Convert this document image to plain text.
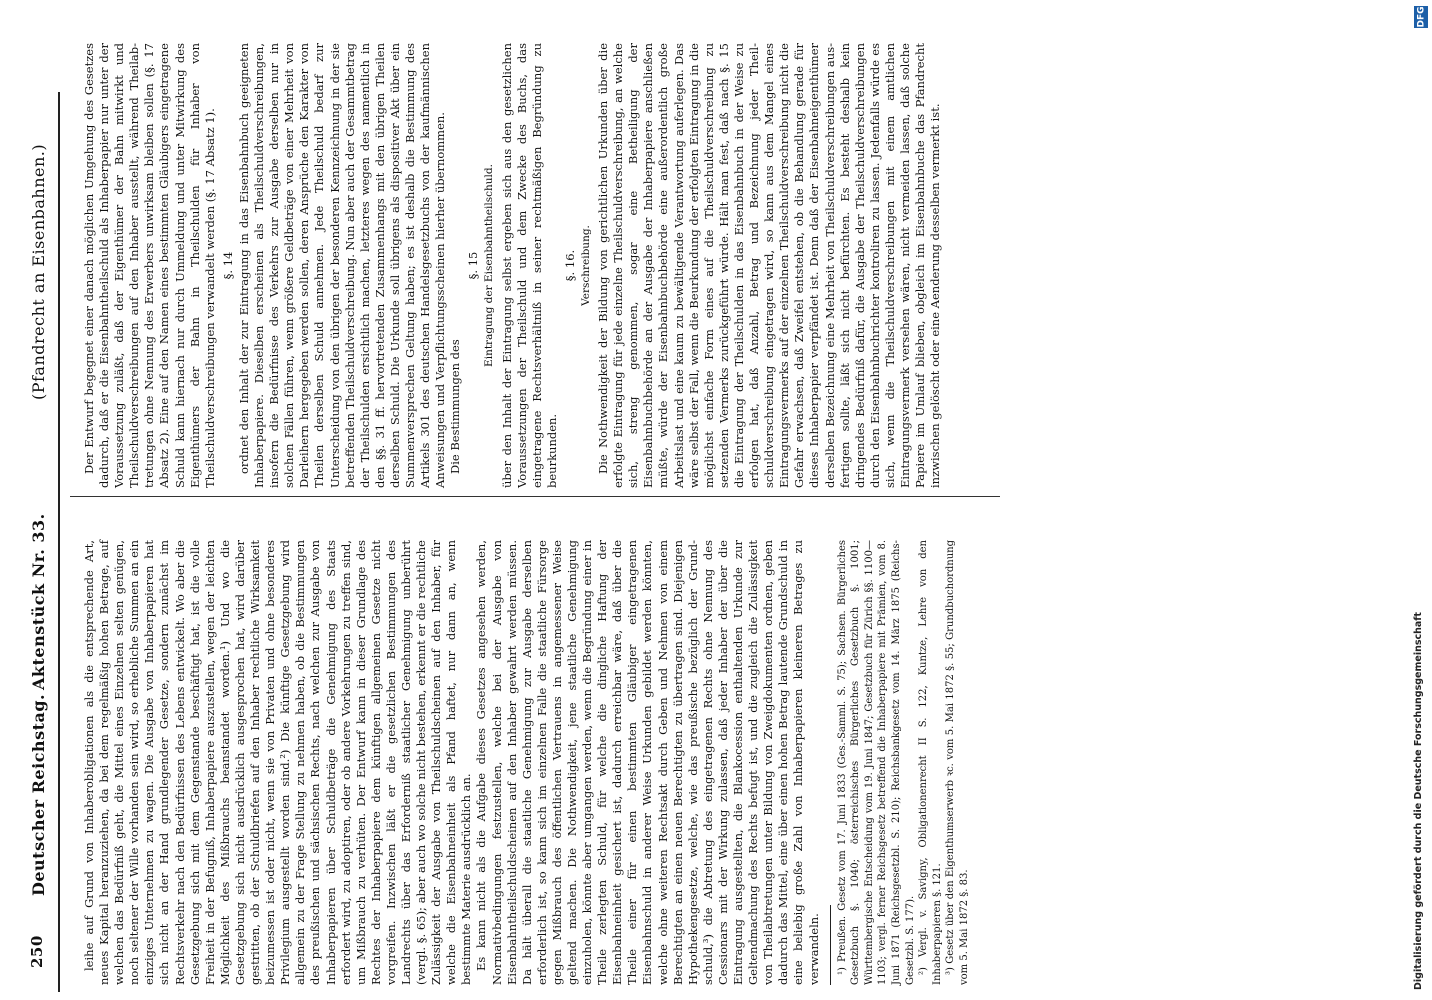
250
Deutscher Reichstag.
Aktenstück Nr. 33.
(Pfandrecht an Eisenbahnen.)

leihe auf Grund von Inhaberobligationen als die entsprechende Art, neues Kapital heranzuziehen, da bei dem regelmäßig hohen Betrage, auf welchen das Bedürfniß geht, die Mittel eines Einzelnen selten genügen, noch seltener der Wille vorhanden sein wird, so erhebliche Summen an ein einziges Unternehmen zu wagen. Die Ausgabe von Inhaberpapieren hat sich nicht an der Hand grundlegender Gesetze, sondern zunächst im Rechtsverkehr nach den Bedürfnissen des Lebens entwickelt. Wo aber die Gesetzgebung sich mit dem Gegenstande beschäftigt hat, ist die volle Freiheit in der Befugniß, Inhaberpapiere auszustellen, wegen der leichten Möglichkeit des Mißbrauchs beanstandet worden.¹) Und wo die Gesetzgebung sich nicht ausdrücklich ausgesprochen hat, wird darüber gestritten, ob der Schuldbriefen auf den Inhaber rechtliche Wirksamkeit beizumessen ist oder nicht, wenn sie von Privaten und ohne besonderes Privilegium ausgestellt worden sind.²) Die künftige Gesetzgebung wird allgemein zu der Frage Stellung zu nehmen haben, ob die Bestimmungen des preußischen und sächsischen Rechts, nach welchen zur Ausgabe von Inhaberpapieren über Schuldbeträge die Genehmigung des Staats erfordert wird, zu adoptiren, oder ob andere Vorkehrungen zu treffen sind, um Mißbrauch zu verhüten. Der Entwurf kann in dieser Grundlage des Rechtes der Inhaberpapiere dem künftigen allgemeinen Gesetze nicht vorgreifen. Inzwischen läßt er die gesetzlichen Bestimmungen des Landrechts über das Erforderniß staatlicher Genehmigung unberührt (vergl. §. 65); aber auch wo solche nicht bestehen, erkennt er die rechtliche Zulässigkeit der Ausgabe von Theilschuldscheinen auf den Inhaber, für welche die Eisenbahneinheit als Pfand haftet, nur dann an, wenn bestimmte Materie ausdrücklich an. Es kann nicht als die Aufgabe dieses Gesetzes angesehen werden, Normativbedingungen festzustellen, welche bei der Ausgabe von Eisenbahntheilschuldscheinen auf den Inhaber gewahrt werden müssen. Da hält überall die staatliche Genehmigung zur Ausgabe derselben erforderlich ist, so kann sich im einzelnen Falle die staatliche Fürsorge gegen Mißbrauch des öffentlichen Vertrauens in angemessener Weise geltend machen. Die Nothwendigkeit, jene staatliche Genehmigung einzuholen, könnte aber umgangen werden, wenn die Begründung einer in Theile zerlegten Schuld, für welche die dingliche Haftung der Eisenbahneinheit gesichert ist, dadurch erreichbar wäre, daß über die Theile einer für einen bestimmten Gläubiger eingetragenen Eisenbahnschuld in anderer Weise Urkunden gebildet werden könnten, welche ohne weiteren Rechtsakt durch Geben und Nehmen von einem Berechtigten an einen neuen Berechtigten zu übertragen sind. Diejenigen Hypothekengesetze, welche, wie das preußische bezüglich der Grundschuld,³) die Abtretung des eingetragenen Rechts ohne Nennung des Cessionars mit der Wirkung zulassen, daß jeder Inhaber der über die Eintragung ausgestellten, die Blankocession enthaltenden Urkunde zur Geltendmachung des Rechts befugt ist, und die zugleich die Zulässigkeit von Theilabtretungen unter Bildung von Zweigdokumenten ordnen, geben dadurch das Mittel, eine über einen hohen Betrag lautende Grundschuld in eine beliebig große Zahl von Inhaberpapieren kleineren Betrages zu verwandeln. ¹) Preußen. Gesetz vom 17. Juni 1833 (Ges.-Samml. S. 75); Sachsen. Bürgerliches Gesetzbuch §. 1040; österreichisches Bürgerliches Gesetzbuch §. 1001; Württembergische Entscheidung vom 19. Juni 1847; Gesetzbuch für Zürich §§. 1100—1103; vergl. ferner Reichsgesetz betreffend die Inhaberpapiere mit Prämien, vom 8. Juni 1871 (Reichsgesetzbl. S. 210); Reichsbankgesetz vom 14. März 1875 (Reichs-Gesetzbl. S. 177). ²) Vergl. v. Savigny, Obligationenrecht II S. 122, Kuntze, Lehre von den Inhaberpapieren §. 121. ³) Gesetz über den Eigenthumserwerb ꝛc. vom 5. Mai 1872 §. 55; Grundbuchordnung vom 5. Mai 1872 §. 83.

Der Entwurf begegnet einer danach möglichen Umgehung des Gesetzes dadurch, daß er die Eisenbahntheilschuld als Inhaberpapier nur unter der Voraussetzung zuläßt, daß der Eigenthümer der Bahn mitwirkt und Theilschuldverschreibungen auf den Inhaber ausstellt, während Theilabtretungen ohne Nennung des Erwerbers unwirksam bleiben sollen (§. 17 Absatz 2). Eine auf den Namen eines bestimmten Gläubigers eingetragene Schuld kann hiernach nur durch Ummeldung und unter Mitwirkung des Eigenthümers der Bahn in Theilschulden für Inhaber von Theilschuldverschreibungen verwandelt werden (§. 17 Absatz 1). §. 14 ordnet den Inhalt der zur Eintragung in das Eisenbahnbuch geeigneten Inhaberpapiere. Dieselben erscheinen als Theilschuldverschreibungen, insofern die Bedürfnisse des Verkehrs zur Ausgabe derselben nur in solchen Fällen führen, wenn größere Geldbeträge von einer Mehrheit von Darleihern hergegeben werden sollen, deren Ansprüche den Karakter von Theilen derselben Schuld annehmen. Jede Theilschuld bedarf zur Unterscheidung von den übrigen der besonderen Kennzeichnung in der sie betreffenden Theilschuldverschreibung. Nun aber auch der Gesammtbetrag der Theilschulden ersichtlich machen, letzteres wegen des namentlich in den §§. 31 ff. hervortretenden Zusammenhangs mit den übrigen Theilen derselben Schuld. Die Urkunde soll übrigens als dispositiver Akt über ein Summenversprechen Geltung haben; es ist deshalb die Bestimmung des Artikels 301 des deutschen Handelsgesetzbuchs von der kaufmännischen Anweisungen und Verpflichtungsscheinen hierher übernommen. Die Bestimmungen des

§. 15 Eintragung der Eisenbahntheilschuld. über den Inhalt der Eintragung selbst ergeben sich aus den gesetzlichen Voraussetzungen der Theilschuld und dem Zwecke des Buchs, das eingetragene Rechtsverhältniß in seiner rechtmäßigen Begründung zu beurkunden.

§. 16. Verschreibung. Die Nothwendigkeit der Bildung von gerichtlichen Urkunden über die erfolgte Eintragung für jede einzelne Theilschuldverschreibung, an welche sich, streng genommen, sogar eine Betheiligung der Eisenbahnbuchbehörde an der Ausgabe der Inhaberpapiere anschließen müßte, würde der Eisenbahnbuchbehörde eine außerordentlich große Arbeitslast und eine kaum zu bewältigende Verantwortung auferlegen. Das wäre selbst der Fall, wenn die Beurkundung der erfolgten Eintragung in die möglichst einfache Form eines auf die Theilschuldverschreibung zu setzenden Vermerks zurückgeführt würde. Hält man fest, daß nach §. 15 die Eintragung der Theilschulden in das Eisenbahnbuch in der Weise zu erfolgen hat, daß Anzahl, Betrag und Bezeichnung jeder Theilschuldverschreibung eingetragen wird, so kann aus dem Mangel eines Eintragungsvermerks auf der einzelnen Theilschuldverschreibung nicht die Gefahr erwachsen, daß Zweifel entstehen, ob die Behandlung gerade für dieses Inhaberpapier verpfändet ist. Denn daß der Eisenbahneigenthümer derselben Bezeichnung eine Mehrheit von Theilschuldverschreibungen ausfertigen sollte, läßt sich nicht befürchten. Es besteht deshalb kein dringendes Bedürfniß dafür, die Ausgabe der Theilschuldverschreibungen durch den Eisenbahnbuchrichter kontroliren zu lassen. Jedenfalls würde es sich, wenn die Theilschuldverschreibungen mit einem amtlichen Eintragungsvermerk versehen wären, nicht vermeiden lassen, daß solche Papiere im Umlauf blieben, obgleich im Eisenbahnbuche das Pfandrecht inzwischen gelöscht oder eine Aenderung desselben vermerkt ist.

Digitalisierung gefördert durch die Deutsche Forschungsgemeinschaft
DFG
